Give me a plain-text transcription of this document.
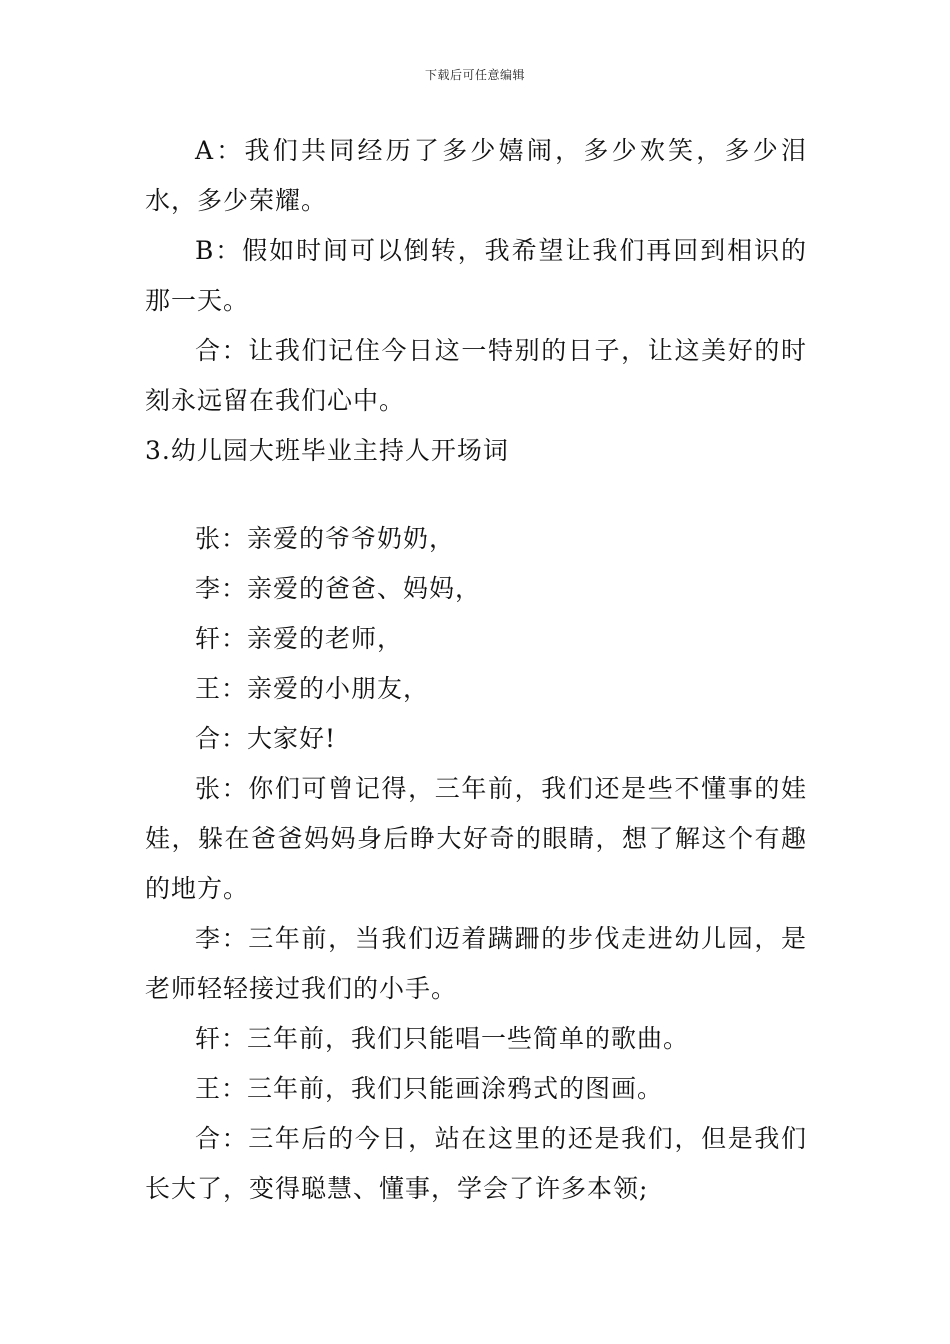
下载后可任意编辑

A：我们共同经历了多少嬉闹，多少欢笑，多少泪水，多少荣耀。

B：假如时间可以倒转，我希望让我们再回到相识的那一天。

合：让我们记住今日这一特别的日子，让这美好的时刻永远留在我们心中。

3.幼儿园大班毕业主持人开场词

张：亲爱的爷爷奶奶，

李：亲爱的爸爸、妈妈，

轩：亲爱的老师，

王：亲爱的小朋友，

合：大家好!

张：你们可曾记得，三年前，我们还是些不懂事的娃娃，躲在爸爸妈妈身后睁大好奇的眼睛，想了解这个有趣的地方。

李：三年前，当我们迈着蹒跚的步伐走进幼儿园，是老师轻轻接过我们的小手。

轩：三年前，我们只能唱一些简单的歌曲。

王：三年前，我们只能画涂鸦式的图画。

合：三年后的今日，站在这里的还是我们，但是我们长大了，变得聪慧、懂事，学会了许多本领;
